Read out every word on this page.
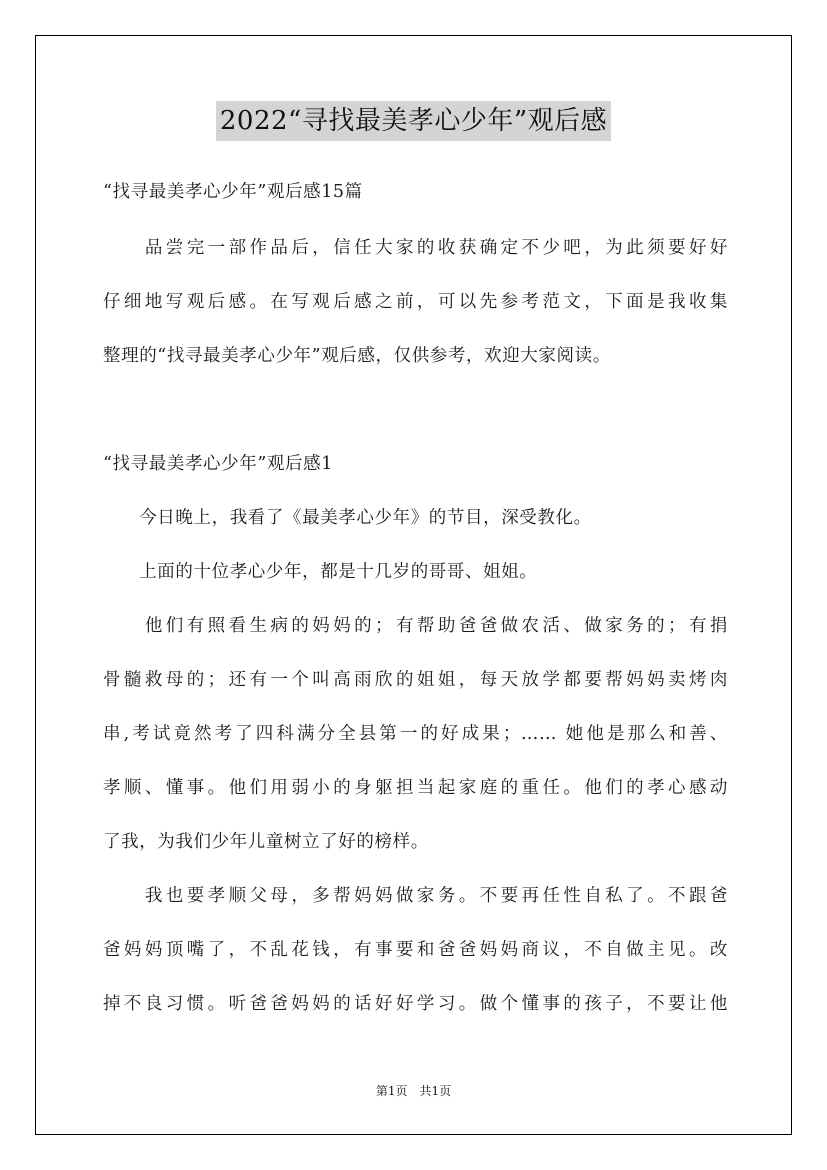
2022“寻找最美孝心少年”观后感
“找寻最美孝心少年”观后感15篇
　　品尝完一部作品后，信任大家的收获确定不少吧，为此须要好好
仔细地写观后感。在写观后感之前，可以先参考范文，下面是我收集
整理的“找寻最美孝心少年”观后感，仅供参考，欢迎大家阅读。
“找寻最美孝心少年”观后感1
　　今日晚上，我看了《最美孝心少年》的节目，深受教化。
　　上面的十位孝心少年，都是十几岁的哥哥、姐姐。
　　他们有照看生病的妈妈的；有帮助爸爸做农活、做家务的；有捐
骨髓救母的；还有一个叫高雨欣的姐姐，每天放学都要帮妈妈卖烤肉
串,考试竟然考了四科满分全县第一的好成果；…… 她他是那么和善、
孝顺、懂事。他们用弱小的身躯担当起家庭的重任。他们的孝心感动
了我，为我们少年儿童树立了好的榜样。
　　我也要孝顺父母，多帮妈妈做家务。不要再任性自私了。不跟爸
爸妈妈顶嘴了，不乱花钱，有事要和爸爸妈妈商议，不自做主见。改
掉不良习惯。听爸爸妈妈的话好好学习。做个懂事的孩子，不要让他
第1页　共1页
